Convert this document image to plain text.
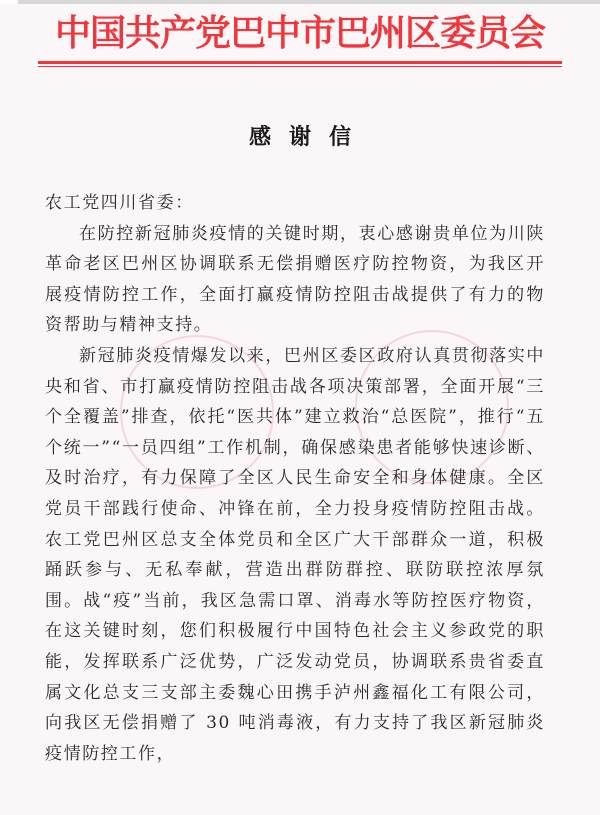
中国共产党巴中市巴州区委员会
感谢信

农工党四川省委：

在防控新冠肺炎疫情的关键时期，衷心感谢贵单位为川陕革命老区巴州区协调联系无偿捐赠医疗防控物资，为我区开展疫情防控工作，全面打赢疫情防控阻击战提供了有力的物资帮助与精神支持。

新冠肺炎疫情爆发以来，巴州区委区政府认真贯彻落实中央和省、市打赢疫情防控阻击战各项决策部署，全面开展“三个全覆盖”排查，依托“医共体”建立救治“总医院”，推行“五个统一”“一员四组”工作机制，确保感染患者能够快速诊断、及时治疗，有力保障了全区人民生命安全和身体健康。全区党员干部践行使命、冲锋在前，全力投身疫情防控阻击战。农工党巴州区总支全体党员和全区广大干部群众一道，积极踊跃参与、无私奉献，营造出群防群控、联防联控浓厚氛围。战“疫”当前，我区急需口罩、消毒水等防控医疗物资，在这关键时刻，您们积极履行中国特色社会主义参政党的职能，发挥联系广泛优势，广泛发动党员，协调联系贵省委直属文化总支三支部主委魏心田携手泸州鑫福化工有限公司，向我区无偿捐赠了 30 吨消毒液，有力支持了我区新冠肺炎疫情防控工作，
